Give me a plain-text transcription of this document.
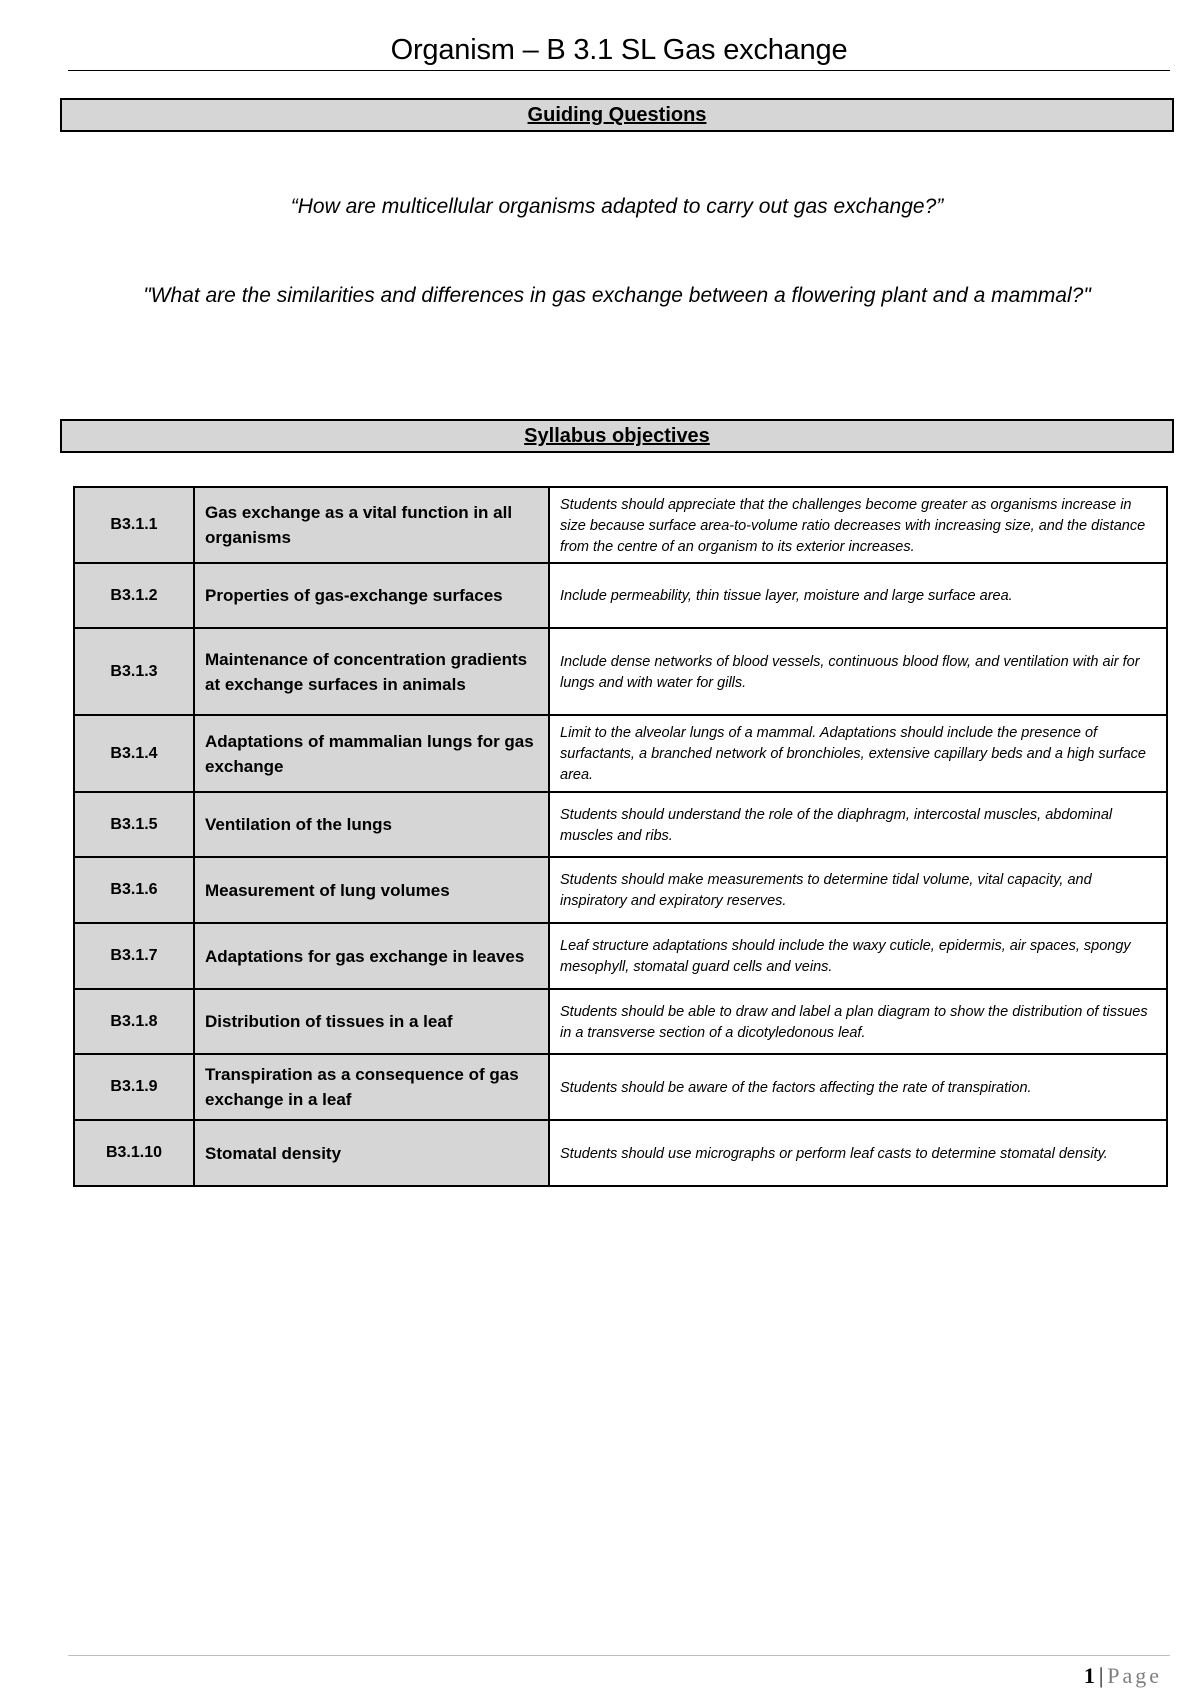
Organism – B 3.1 SL Gas exchange
Guiding Questions
“How are multicellular organisms adapted to carry out gas exchange?”
"What are the similarities and differences in gas exchange between a flowering plant and a mammal?"
Syllabus objectives
B3.1.1	Gas exchange as a vital function in all organisms	Students should appreciate that the challenges become greater as organisms increase in size because surface area-to-volume ratio decreases with increasing size, and the distance from the centre of an organism to its exterior increases.
B3.1.2	Properties of gas-exchange surfaces	Include permeability, thin tissue layer, moisture and large surface area.
B3.1.3	Maintenance of concentration gradients at exchange surfaces in animals	Include dense networks of blood vessels, continuous blood flow, and ventilation with air for lungs and with water for gills.
B3.1.4	Adaptations of mammalian lungs for gas exchange	Limit to the alveolar lungs of a mammal. Adaptations should include the presence of surfactants, a branched network of bronchioles, extensive capillary beds and a high surface area.
B3.1.5	Ventilation of the lungs	Students should understand the role of the diaphragm, intercostal muscles, abdominal muscles and ribs.
B3.1.6	Measurement of lung volumes	Students should make measurements to determine tidal volume, vital capacity, and inspiratory and expiratory reserves.
B3.1.7	Adaptations for gas exchange in leaves	Leaf structure adaptations should include the waxy cuticle, epidermis, air spaces, spongy mesophyll, stomatal guard cells and veins.
B3.1.8	Distribution of tissues in a leaf	Students should be able to draw and label a plan diagram to show the distribution of tissues in a transverse section of a dicotyledonous leaf.
B3.1.9	Transpiration as a consequence of gas exchange in a leaf	Students should be aware of the factors affecting the rate of transpiration.
B3.1.10	Stomatal density	Students should use micrographs or perform leaf casts to determine stomatal density.
1 | Page
